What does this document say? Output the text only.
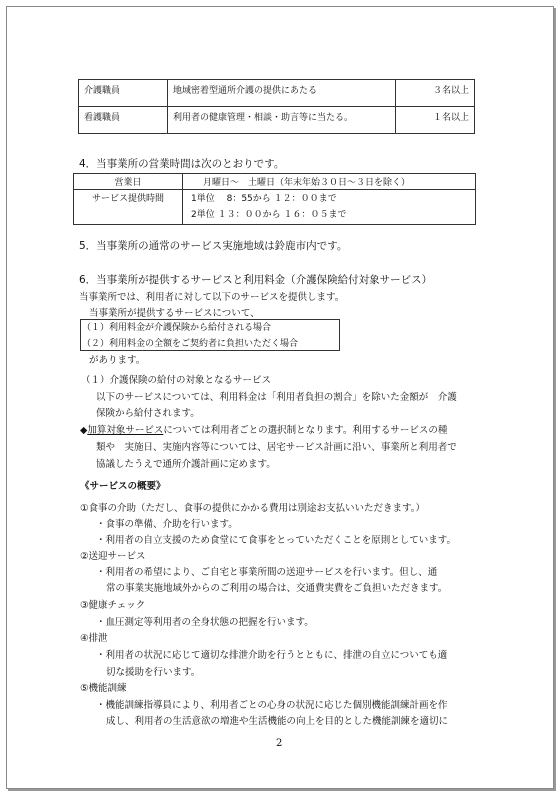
介護職員	地域密着型通所介護の提供にあたる	３名以上
看護職員	利用者の健康管理・相談・助言等に当たる。	１名以上
4．当事業所の営業時間は次のとおりです。
営業日	月曜日～　土曜日（年末年始３０日～３日を除く）
サービス提供時間	1単位　 8：55から １２：００まで
2単位 １３：００から １６：０５まで
5．当事業所の通常のサービス実施地域は鈴鹿市内です。
6．当事業所が提供するサービスと利用料金（介護保険給付対象サービス）
当事業所では、利用者に対して以下のサービスを提供します。
当事業所が提供するサービスについて、
（１）利用料金が介護保険から給付される場合
（２）利用料金の全額をご契約者に負担いただく場合
があります。
（１）介護保険の給付の対象となるサービス
以下のサービスについては、利用料金は「利用者負担の割合」を除いた金額が　介護
保険から給付されます。
◆加算対象サービスについては利用者ごとの選択制となります。利用するサービスの種
類や　実施日、実施内容等については、居宅サービス計画に沿い、事業所と利用者で
協議したうえで通所介護計画に定めます。
《サービスの概要》
①食事の介助（ただし、食事の提供にかかる費用は別途お支払いいただきます。）
・食事の準備、介助を行います。
・利用者の自立支援のため食堂にて食事をとっていただくことを原則としています。
②送迎サービス
・利用者の希望により、ご自宅と事業所間の送迎サービスを行います。但し、通
常の事業実施地域外からのご利用の場合は、交通費実費をご負担いただきます。
③健康チェック
・血圧測定等利用者の全身状態の把握を行います。
④排泄
・利用者の状況に応じて適切な排泄介助を行うとともに、排泄の自立についても適
切な援助を行います。
⑤機能訓練
・機能訓練指導員により、利用者ごとの心身の状況に応じた個別機能訓練計画を作
成し、利用者の生活意欲の増進や生活機能の向上を目的とした機能訓練を適切に
2
